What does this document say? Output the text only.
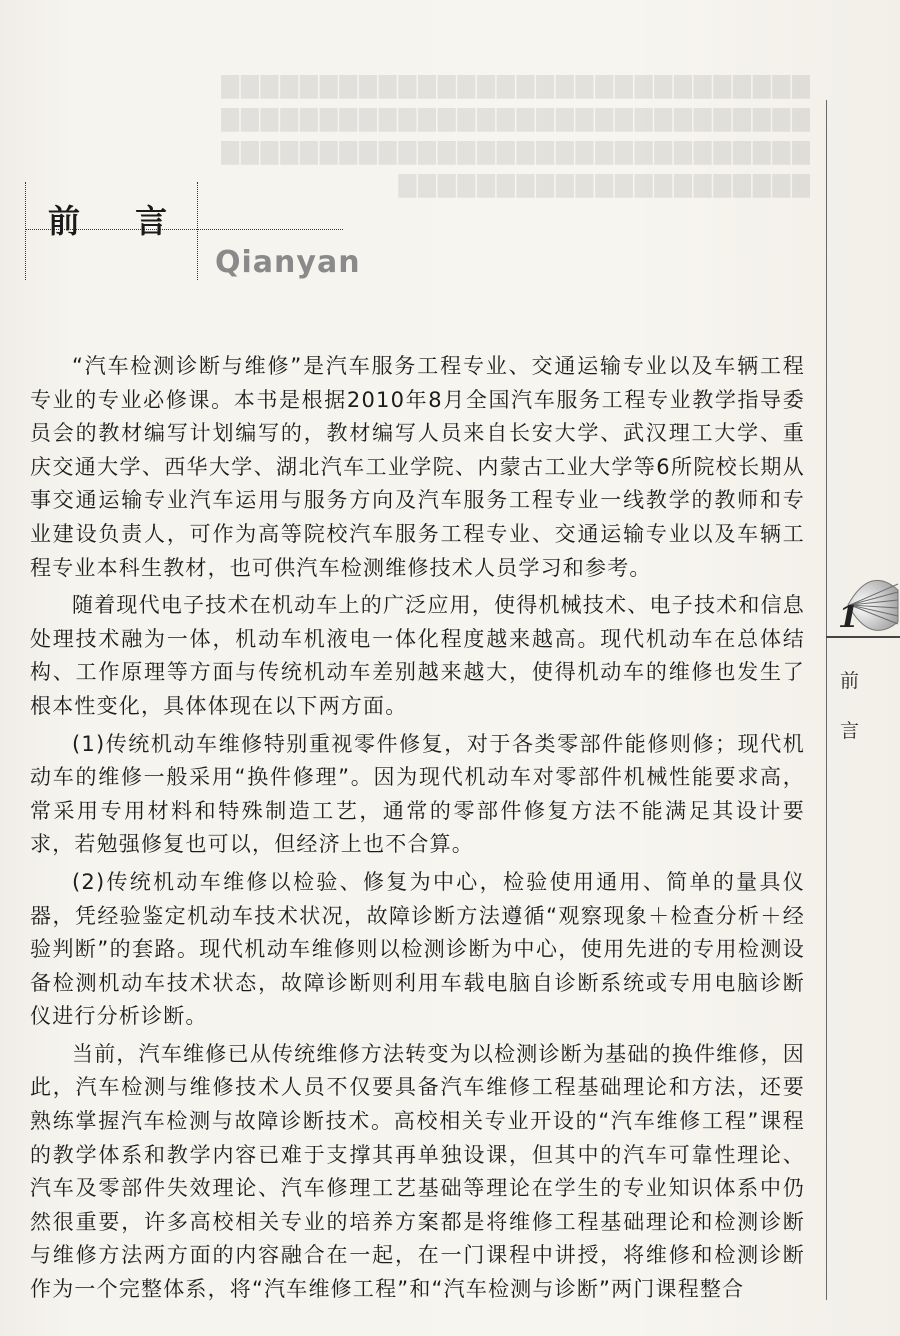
▇▇▇▇▇▇▇▇▇▇▇▇▇▇▇▇▇▇▇▇▇▇▇▇▇▇▇▇▇▇
▇▇▇▇▇▇▇▇▇▇▇▇▇▇▇▇▇▇▇▇▇▇▇▇▇▇▇▇▇▇
▇▇▇▇▇▇▇▇▇▇▇▇▇▇▇▇▇▇▇▇▇▇▇▇▇▇▇▇▇▇
▇▇▇▇▇▇▇▇▇▇▇▇▇▇▇▇▇▇▇▇▇
前 言
Qianyan

“汽车检测诊断与维修”是汽车服务工程专业、交通运输专业以及车辆工程专业的专业必修课。本书是根据2010年8月全国汽车服务工程专业教学指导委员会的教材编写计划编写的，教材编写人员来自长安大学、武汉理工大学、重庆交通大学、西华大学、湖北汽车工业学院、内蒙古工业大学等6所院校长期从事交通运输专业汽车运用与服务方向及汽车服务工程专业一线教学的教师和专业建设负责人，可作为高等院校汽车服务工程专业、交通运输专业以及车辆工程专业本科生教材，也可供汽车检测维修技术人员学习和参考。

随着现代电子技术在机动车上的广泛应用，使得机械技术、电子技术和信息处理技术融为一体，机动车机液电一体化程度越来越高。现代机动车在总体结构、工作原理等方面与传统机动车差别越来越大，使得机动车的维修也发生了根本性变化，具体体现在以下两方面。

(1)传统机动车维修特别重视零件修复，对于各类零部件能修则修；现代机动车的维修一般采用“换件修理”。因为现代机动车对零部件机械性能要求高，常采用专用材料和特殊制造工艺，通常的零部件修复方法不能满足其设计要求，若勉强修复也可以，但经济上也不合算。

(2)传统机动车维修以检验、修复为中心，检验使用通用、简单的量具仪器，凭经验鉴定机动车技术状况，故障诊断方法遵循“观察现象＋检查分析＋经验判断”的套路。现代机动车维修则以检测诊断为中心，使用先进的专用检测设备检测机动车技术状态，故障诊断则利用车载电脑自诊断系统或专用电脑诊断仪进行分析诊断。

当前，汽车维修已从传统维修方法转变为以检测诊断为基础的换件维修，因此，汽车检测与维修技术人员不仅要具备汽车维修工程基础理论和方法，还要熟练掌握汽车检测与故障诊断技术。高校相关专业开设的“汽车维修工程”课程的教学体系和教学内容已难于支撑其再单独设课，但其中的汽车可靠性理论、汽车及零部件失效理论、汽车修理工艺基础等理论在学生的专业知识体系中仍然很重要，许多高校相关专业的培养方案都是将维修工程基础理论和检测诊断与维修方法两方面的内容融合在一起，在一门课程中讲授，将维修和检测诊断作为一个完整体系，将“汽车维修工程”和“汽车检测与诊断”两门课程整合

1
前
言
